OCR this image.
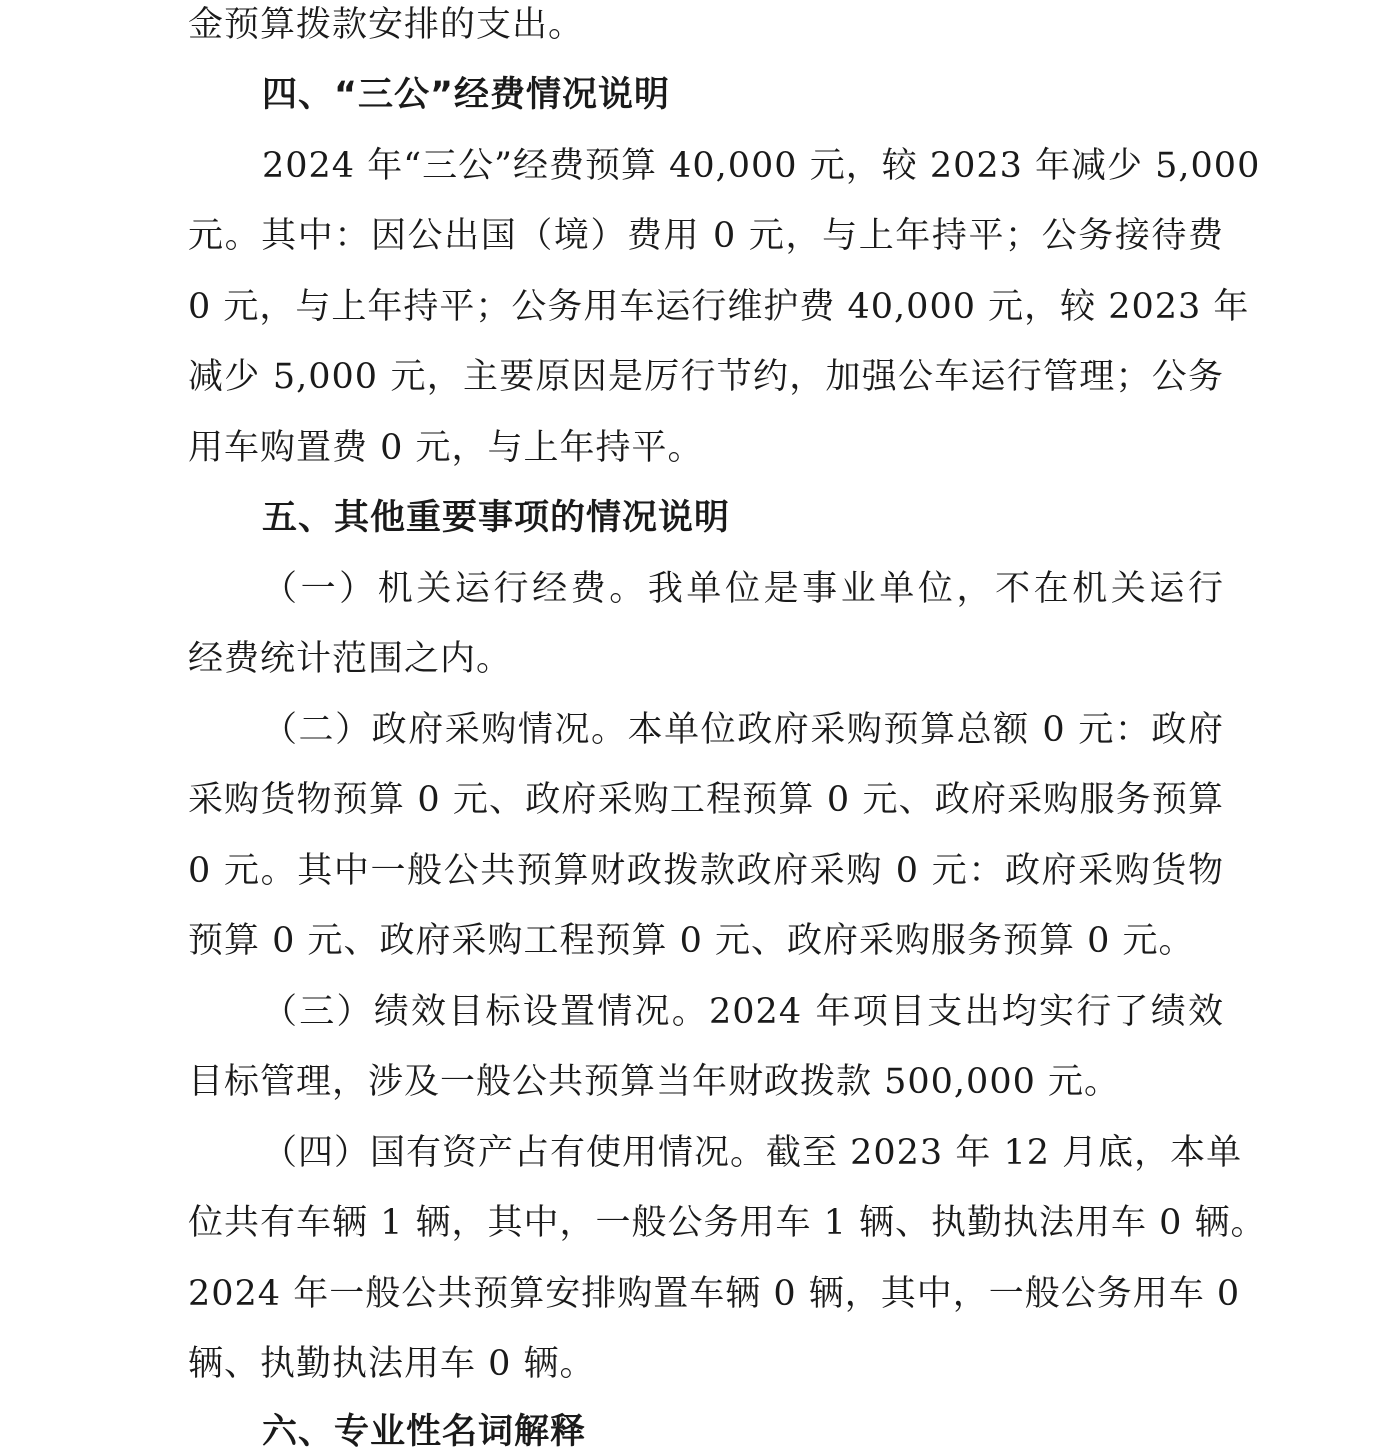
金预算拨款安排的支出。
四、“三公”经费情况说明
2024 年“三公”经费预算 40,000 元，较 2023 年减少 5,000
元。其中：因公出国（境）费用 0 元，与上年持平；公务接待费
0 元，与上年持平；公务用车运行维护费 40,000 元，较 2023 年
减少 5,000 元，主要原因是厉行节约，加强公车运行管理；公务
用车购置费 0 元，与上年持平。
五、其他重要事项的情况说明
（一）机关运行经费。我单位是事业单位，不在机关运行
经费统计范围之内。
（二）政府采购情况。本单位政府采购预算总额 0 元：政府
采购货物预算 0 元、政府采购工程预算 0 元、政府采购服务预算
0 元。其中一般公共预算财政拨款政府采购 0 元：政府采购货物
预算 0 元、政府采购工程预算 0 元、政府采购服务预算 0 元。
（三）绩效目标设置情况。2024 年项目支出均实行了绩效
目标管理，涉及一般公共预算当年财政拨款 500,000 元。
（四）国有资产占有使用情况。截至 2023 年 12 月底，本单
位共有车辆 1 辆，其中，一般公务用车 1 辆、执勤执法用车 0 辆。
2024 年一般公共预算安排购置车辆 0 辆，其中，一般公务用车 0
辆、执勤执法用车 0 辆。
六、专业性名词解释
